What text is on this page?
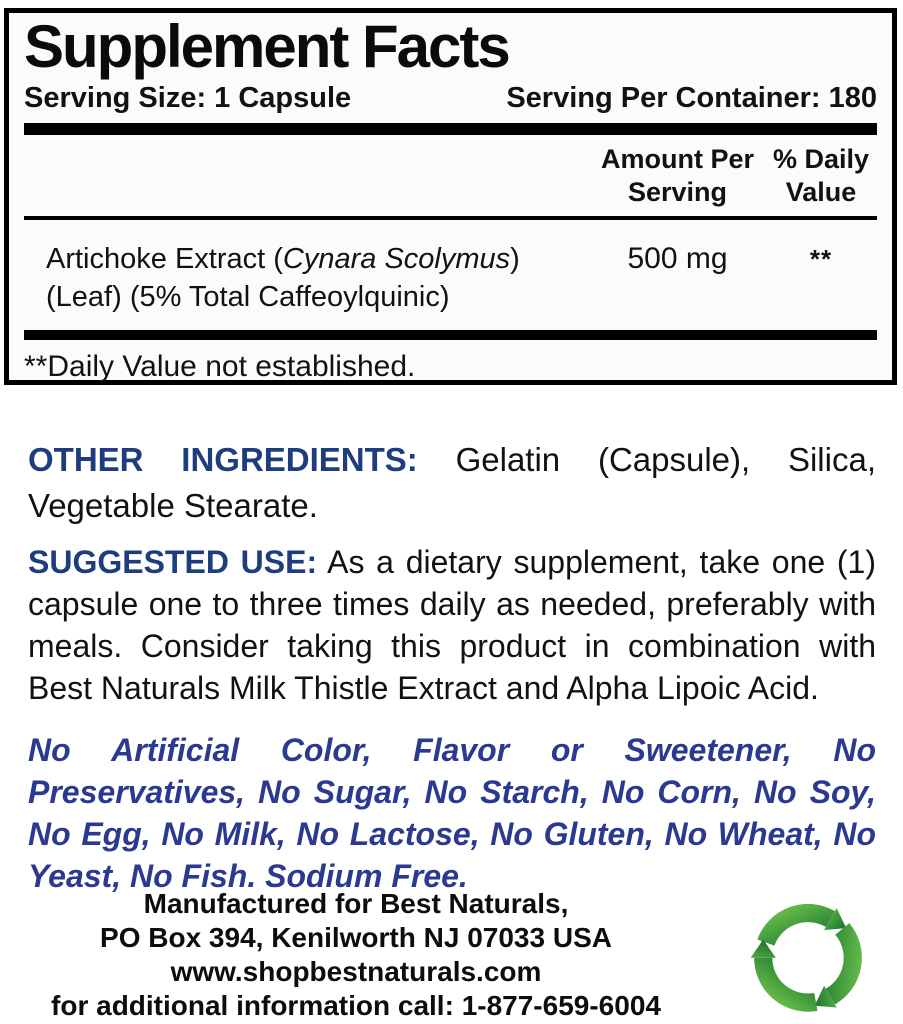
Supplement Facts
Serving Size: 1 Capsule	Serving Per Container: 180
Amount Per Serving
% Daily Value
Artichoke Extract (Cynara Scolymus) (Leaf) (5% Total Caffeoylquinic)
500 mg	**
**Daily Value not established.
OTHER INGREDIENTS: Gelatin (Capsule), Silica, Vegetable Stearate.
SUGGESTED USE: As a dietary supplement, take one (1) capsule one to three times daily as needed, preferably with meals. Consider taking this product in combination with Best Naturals Milk Thistle Extract and Alpha Lipoic Acid.
No Artificial Color, Flavor or Sweetener, No Preservatives, No Sugar, No Starch, No Corn, No Soy, No Egg, No Milk, No Lactose, No Gluten, No Wheat, No Yeast, No Fish. Sodium Free.
Manufactured for Best Naturals,
PO Box 394, Kenilworth NJ 07033 USA
www.shopbestnaturals.com
for additional information call: 1-877-659-6004
